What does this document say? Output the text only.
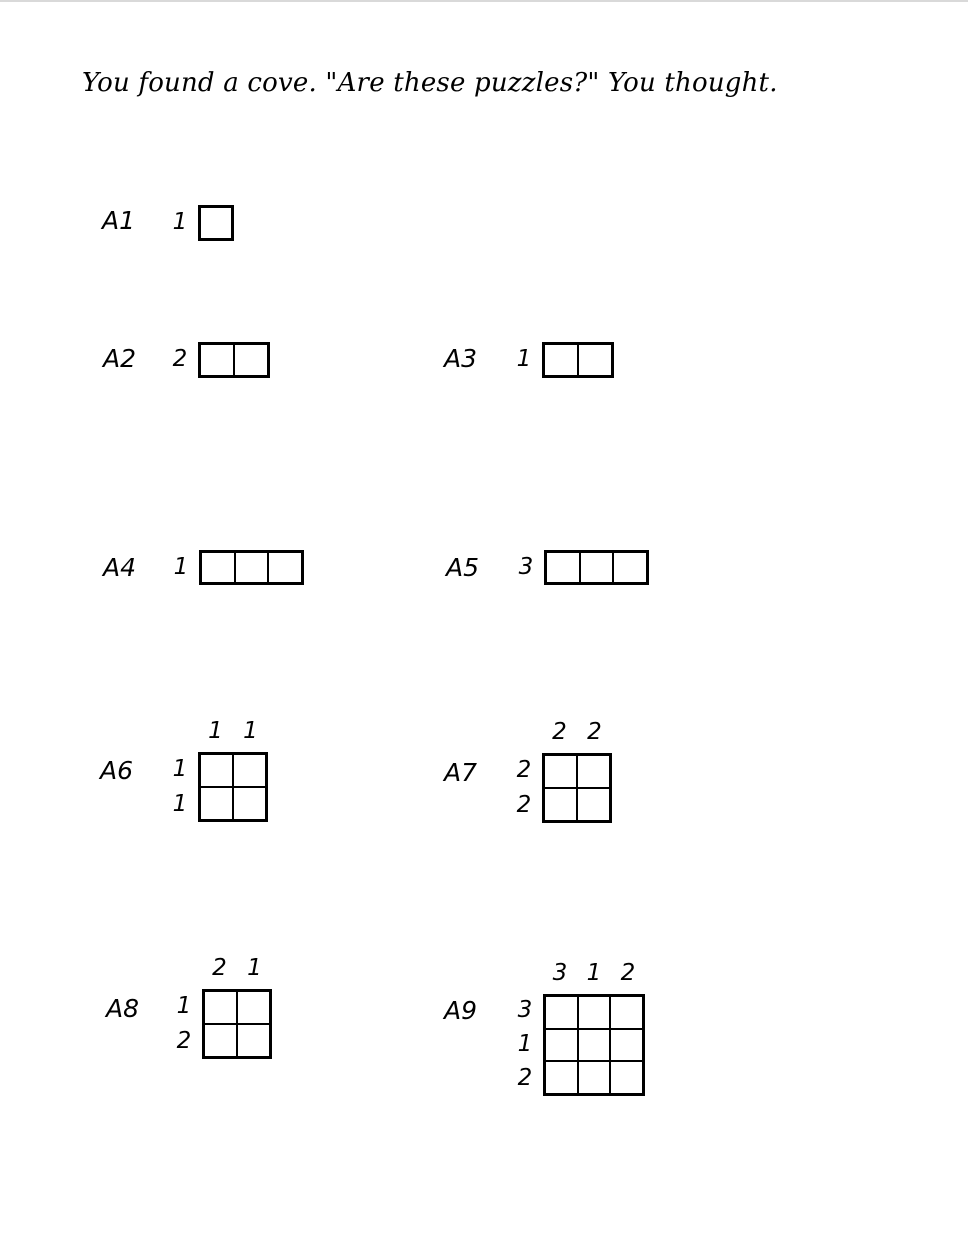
You found a cove. "Are these puzzles?" You thought.
A1 1
A2 2	A3 1
A4 1	A5 3
A6 1
1
1 1
A7 2
2
2 2
A8 1
2
2 1
A9 3
1
2
3 1 2
